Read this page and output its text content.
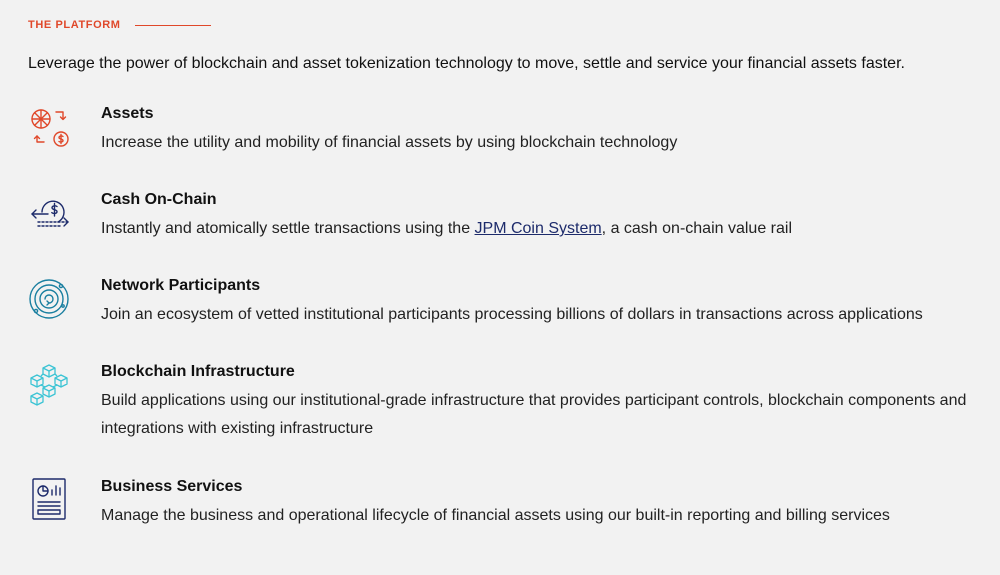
THE PLATFORM
Leverage the power of blockchain and asset tokenization technology to move, settle and service your financial assets faster.
Assets
Increase the utility and mobility of financial assets by using blockchain technology
Cash On-Chain
Instantly and atomically settle transactions using the JPM Coin System, a cash on-chain value rail
Network Participants
Join an ecosystem of vetted institutional participants processing billions of dollars in transactions across applications
Blockchain Infrastructure
Build applications using our institutional-grade infrastructure that provides participant controls, blockchain components and integrations with existing infrastructure
Business Services
Manage the business and operational lifecycle of financial assets using our built-in reporting and billing services
